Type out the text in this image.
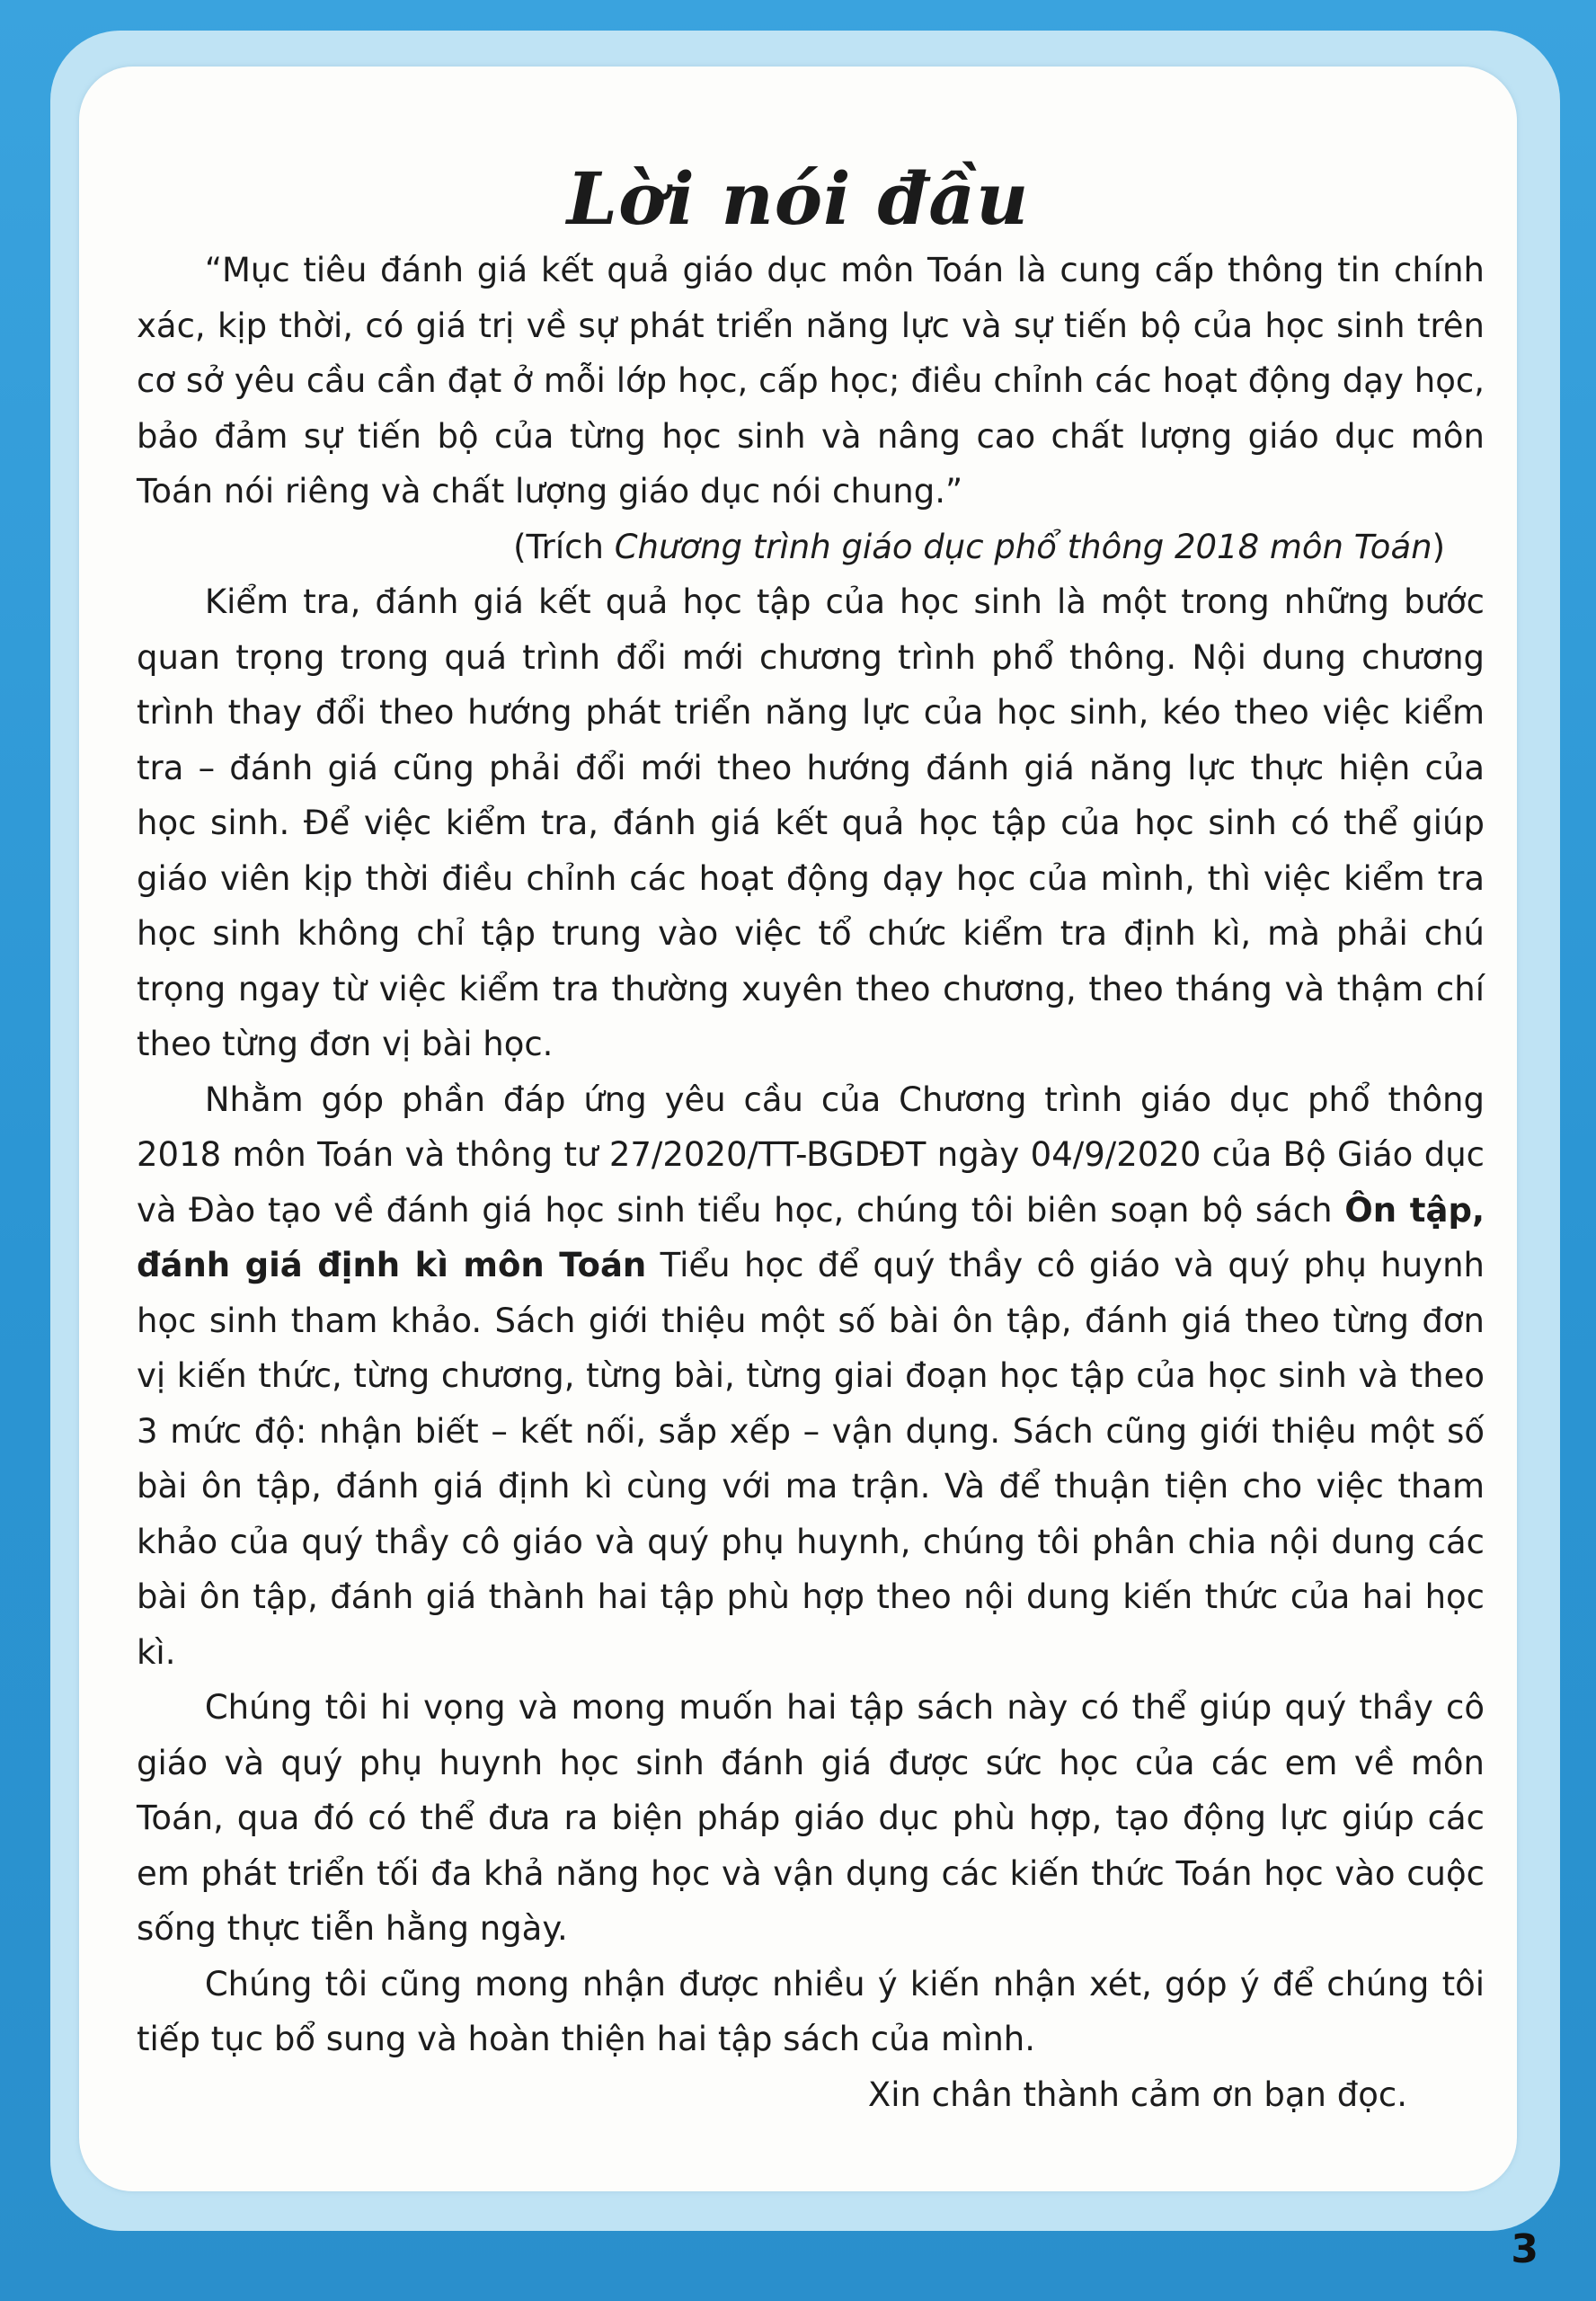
Lời nói đầu

“Mục tiêu đánh giá kết quả giáo dục môn Toán là cung cấp thông tin chính xác, kịp thời, có giá trị về sự phát triển năng lực và sự tiến bộ của học sinh trên cơ sở yêu cầu cần đạt ở mỗi lớp học, cấp học; điều chỉnh các hoạt động dạy học, bảo đảm sự tiến bộ của từng học sinh và nâng cao chất lượng giáo dục môn Toán nói riêng và chất lượng giáo dục nói chung.”

(Trích Chương trình giáo dục phổ thông 2018 môn Toán)

Kiểm tra, đánh giá kết quả học tập của học sinh là một trong những bước quan trọng trong quá trình đổi mới chương trình phổ thông. Nội dung chương trình thay đổi theo hướng phát triển năng lực của học sinh, kéo theo việc kiểm tra – đánh giá cũng phải đổi mới theo hướng đánh giá năng lực thực hiện của học sinh. Để việc kiểm tra, đánh giá kết quả học tập của học sinh có thể giúp giáo viên kịp thời điều chỉnh các hoạt động dạy học của mình, thì việc kiểm tra học sinh không chỉ tập trung vào việc tổ chức kiểm tra định kì, mà phải chú trọng ngay từ việc kiểm tra thường xuyên theo chương, theo tháng và thậm chí theo từng đơn vị bài học.

Nhằm góp phần đáp ứng yêu cầu của Chương trình giáo dục phổ thông 2018 môn Toán và thông tư 27/2020/TT-BGDĐT ngày 04/9/2020 của Bộ Giáo dục và Đào tạo về đánh giá học sinh tiểu học, chúng tôi biên soạn bộ sách Ôn tập, đánh giá định kì môn Toán Tiểu học để quý thầy cô giáo và quý phụ huynh học sinh tham khảo. Sách giới thiệu một số bài ôn tập, đánh giá theo từng đơn vị kiến thức, từng chương, từng bài, từng giai đoạn học tập của học sinh và theo 3 mức độ: nhận biết – kết nối, sắp xếp – vận dụng. Sách cũng giới thiệu một số bài ôn tập, đánh giá định kì cùng với ma trận. Và để thuận tiện cho việc tham khảo của quý thầy cô giáo và quý phụ huynh, chúng tôi phân chia nội dung các bài ôn tập, đánh giá thành hai tập phù hợp theo nội dung kiến thức của hai học kì.

Chúng tôi hi vọng và mong muốn hai tập sách này có thể giúp quý thầy cô giáo và quý phụ huynh học sinh đánh giá được sức học của các em về môn Toán, qua đó có thể đưa ra biện pháp giáo dục phù hợp, tạo động lực giúp các em phát triển tối đa khả năng học và vận dụng các kiến thức Toán học vào cuộc sống thực tiễn hằng ngày.

Chúng tôi cũng mong nhận được nhiều ý kiến nhận xét, góp ý để chúng tôi tiếp tục bổ sung và hoàn thiện hai tập sách của mình.

Xin chân thành cảm ơn bạn đọc.

3
